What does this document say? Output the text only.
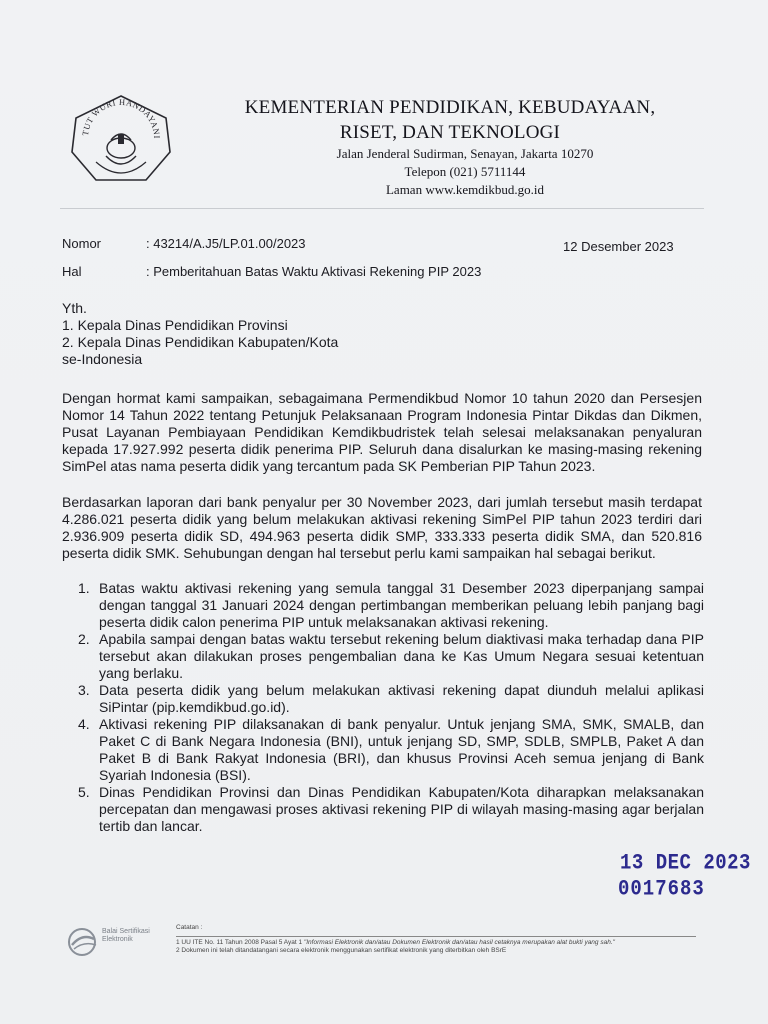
TUT WURI HANDAYANI
KEMENTERIAN PENDIDIKAN, KEBUDAYAAN,
RISET, DAN TEKNOLOGI
Jalan Jenderal Sudirman, Senayan, Jakarta 10270
Telepon (021) 5711144
Laman www.kemdikbud.go.id
Nomor	: 43214/A.J5/LP.01.00/2023	12 Desember 2023
Hal	: Pemberitahuan Batas Waktu Aktivasi Rekening PIP 2023
Yth.
1. Kepala Dinas Pendidikan Provinsi
2. Kepala Dinas Pendidikan Kabupaten/Kota
se-Indonesia

Dengan hormat kami sampaikan, sebagaimana Permendikbud Nomor 10 tahun 2020 dan Persesjen Nomor 14 Tahun 2022 tentang Petunjuk Pelaksanaan Program Indonesia Pintar Dikdas dan Dikmen, Pusat Layanan Pembiayaan Pendidikan Kemdikbudristek telah selesai melaksanakan penyaluran kepada 17.927.992 peserta didik penerima PIP. Seluruh dana disalurkan ke masing-masing rekening SimPel atas nama peserta didik yang tercantum pada SK Pemberian PIP Tahun 2023.

Berdasarkan laporan dari bank penyalur per 30 November 2023, dari jumlah tersebut masih terdapat 4.286.021 peserta didik yang belum melakukan aktivasi rekening SimPel PIP tahun 2023 terdiri dari 2.936.909 peserta didik SD, 494.963 peserta didik SMP, 333.333 peserta didik SMA, dan 520.816 peserta didik SMK. Sehubungan dengan hal tersebut perlu kami sampaikan hal sebagai berikut.

1. Batas waktu aktivasi rekening yang semula tanggal 31 Desember 2023 diperpanjang sampai dengan tanggal 31 Januari 2024 dengan pertimbangan memberikan peluang lebih panjang bagi peserta didik calon penerima PIP untuk melaksanakan aktivasi rekening.
2. Apabila sampai dengan batas waktu tersebut rekening belum diaktivasi maka terhadap dana PIP tersebut akan dilakukan proses pengembalian dana ke Kas Umum Negara sesuai ketentuan yang berlaku.
3. Data peserta didik yang belum melakukan aktivasi rekening dapat diunduh melalui aplikasi SiPintar (pip.kemdikbud.go.id).
4. Aktivasi rekening PIP dilaksanakan di bank penyalur. Untuk jenjang SMA, SMK, SMALB, dan Paket C di Bank Negara Indonesia (BNI), untuk jenjang SD, SMP, SDLB, SMPLB, Paket A dan Paket B di Bank Rakyat Indonesia (BRI), dan khusus Provinsi Aceh semua jenjang di Bank Syariah Indonesia (BSI).
5. Dinas Pendidikan Provinsi dan Dinas Pendidikan Kabupaten/Kota diharapkan melaksanakan percepatan dan mengawasi proses aktivasi rekening PIP di wilayah masing-masing agar berjalan tertib dan lancar.
13 DEC 2023
0017683
Balai Sertifikasi Elektronik
Catatan :
1 UU ITE No. 11 Tahun 2008 Pasal 5 Ayat 1 "Informasi Elektronik dan/atau Dokumen Elektronik dan/atau hasil cetaknya merupakan alat bukti yang sah."
2 Dokumen ini telah ditandatangani secara elektronik menggunakan sertifikat elektronik yang diterbitkan oleh BSrE
